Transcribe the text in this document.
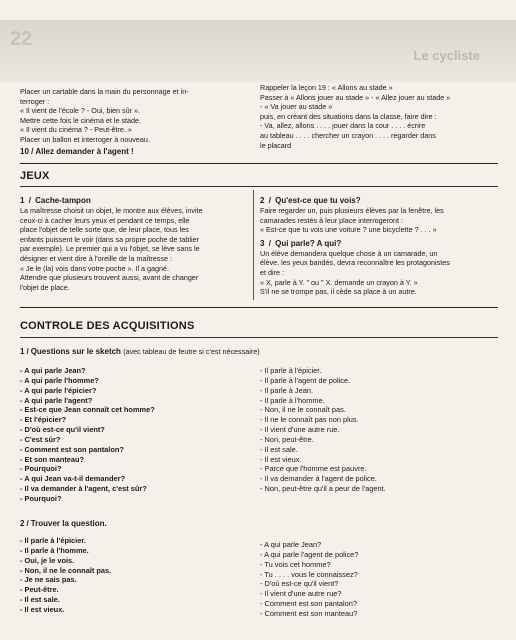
22
Le cycliste
Placer un cartable dans la main du personnage et in-
terroger :
« Il vient de l'école ? - Oui, bien sûr ».
Mettre cette fois le cinéma et le stade.
« Il vient du cinéma ? - Peut-être. »
Placer un ballon et interroger à nouveau.
10 / Allez demander à l'agent !
Rappeler la leçon 19 : « Allons au stade »
Passer à « Allons jouer au stade » - « Allez jouer au stade »
- « Va jouer au stade »
puis, en créant des situations dans la classe, faire dire :
- Va, allez, allons . . . . jouer dans la cour . . . . écrire
au tableau . . . . chercher un crayon . . . . regarder dans
le placard
JEUX
1 / Cache-tampon
La maîtresse choisit un objet, le montre aux élèves, invite
ceux-ci à cacher leurs yeux et pendant ce temps, elle
place l'objet de telle sorte que, de leur place, tous les
enfants puissent le voir (dans sa propre poche de tablier
par exemple). Le premier qui a vu l'objet, se lève sans le
désigner et vient dire à l'oreille de la maîtresse :
« Je le (la) vois dans votre poche ». Il a gagné.
Attendre que plusieurs trouvent aussi, avant de changer
l'objet de place.
2 / Qu'est-ce que tu vois?
Faire regarder un, puis plusieurs élèves par la fenêtre, les
camarades restés à leur place interrogeront :
« Est-ce que tu vois une voiture ? une bicyclette ? . . . »
3 / Qui parle? A qui?
Un élève demandera quelque chose à un camarade, un
élève, les yeux bandés, devra reconnaître les protagonistes
et dire :
« X, parle à Y. " ou " X. demande un crayon à Y. »
S'il ne se trompe pas, il cède sa place à un autre.
CONTROLE DES ACQUISITIONS
1 / Questions sur le sketch (avec tableau de feutre si c'est nécessaire)
- A qui parle Jean?
- A qui parle l'homme?
- A qui parle l'épicier?
- A qui parle l'agent?
- Est-ce que Jean connaît cet homme?
- Et l'épicier?
- D'où est-ce qu'il vient?
- C'est sûr?
- Comment est son pantalon?
- Et son manteau?
- Pourquoi?
- A qui Jean va-t-il demander?
- Il va demander à l'agent, c'est sûr?
- Pourquoi?
- Il parle à l'épicier.
- Il parle à l'agent de police.
- Il parle à Jean.
- Il parle à l'homme.
- Non, il ne le connaît pas.
- Il ne le connaît pas non plus.
- Il vient d'une autre rue.
- Non, peut-être.
- Il est sale.
- Il est vieux.
- Parce que l'homme est pauvre.
- Il va demander à l'agent de police.
- Non, peut-être qu'il a peur de l'agent.
2 / Trouver la question.
- Il parle à l'épicier.
- Il parle à l'homme.
- Oui, je le vois.
- Non, il ne le connaît pas.
- Je ne sais pas.
- Peut-être.
- Il est sale.
- Il est vieux.
- A qui parle Jean?
- A qui parle l'agent de police?
- Tu vois cet homme?
- Tu . . . . vous le connaissez?
- D'où est-ce qu'il vient?
- Il vient d'une autre rue?
- Comment est son pantalon?
- Comment est son manteau?
